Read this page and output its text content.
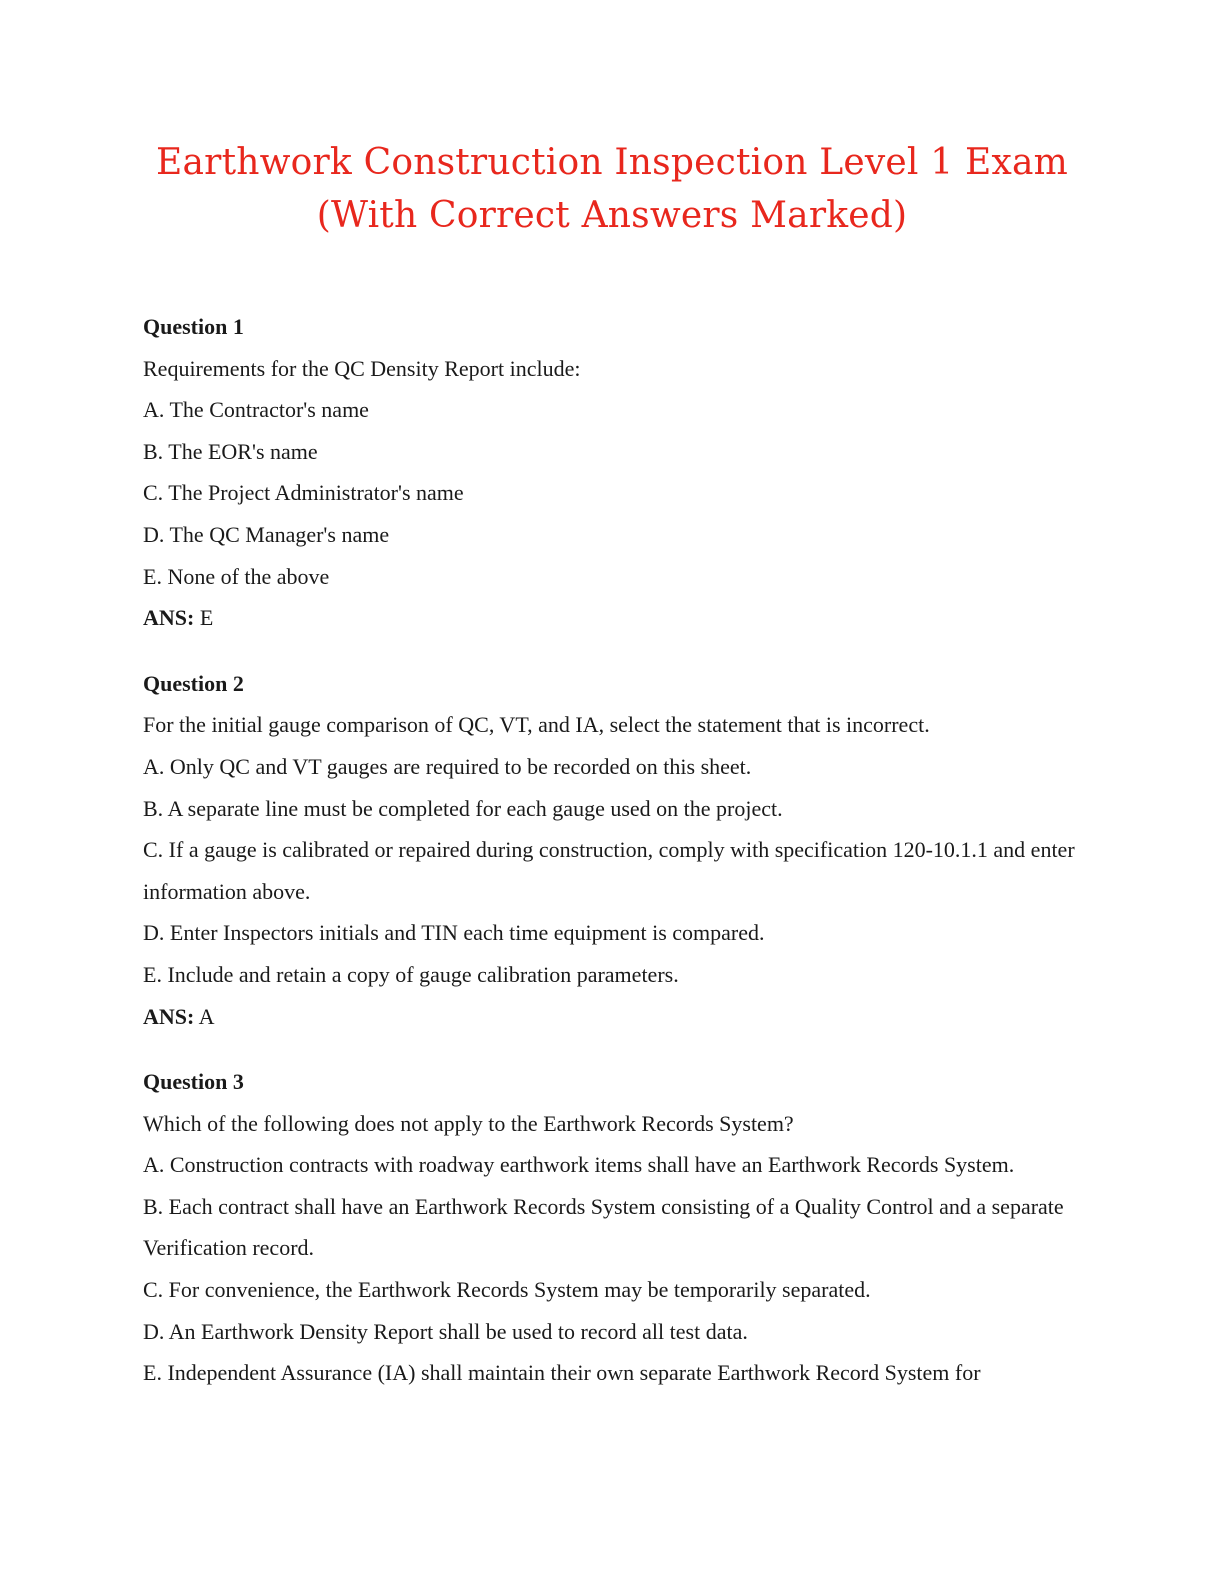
Earthwork Construction Inspection Level 1 Exam
(With Correct Answers Marked)

Question 1

Requirements for the QC Density Report include:

A. The Contractor's name

B. The EOR's name

C. The Project Administrator's name

D. The QC Manager's name

E. None of the above

ANS: E

Question 2

For the initial gauge comparison of QC, VT, and IA, select the statement that is incorrect.

A. Only QC and VT gauges are required to be recorded on this sheet.

B. A separate line must be completed for each gauge used on the project.

C. If a gauge is calibrated or repaired during construction, comply with specification 120-10.1.1 and enter information above.

D. Enter Inspectors initials and TIN each time equipment is compared.

E. Include and retain a copy of gauge calibration parameters.

ANS: A

Question 3

Which of the following does not apply to the Earthwork Records System?

A. Construction contracts with roadway earthwork items shall have an Earthwork Records System.

B. Each contract shall have an Earthwork Records System consisting of a Quality Control and a separate Verification record.

C. For convenience, the Earthwork Records System may be temporarily separated.

D. An Earthwork Density Report shall be used to record all test data.

E. Independent Assurance (IA) shall maintain their own separate Earthwork Record System for
